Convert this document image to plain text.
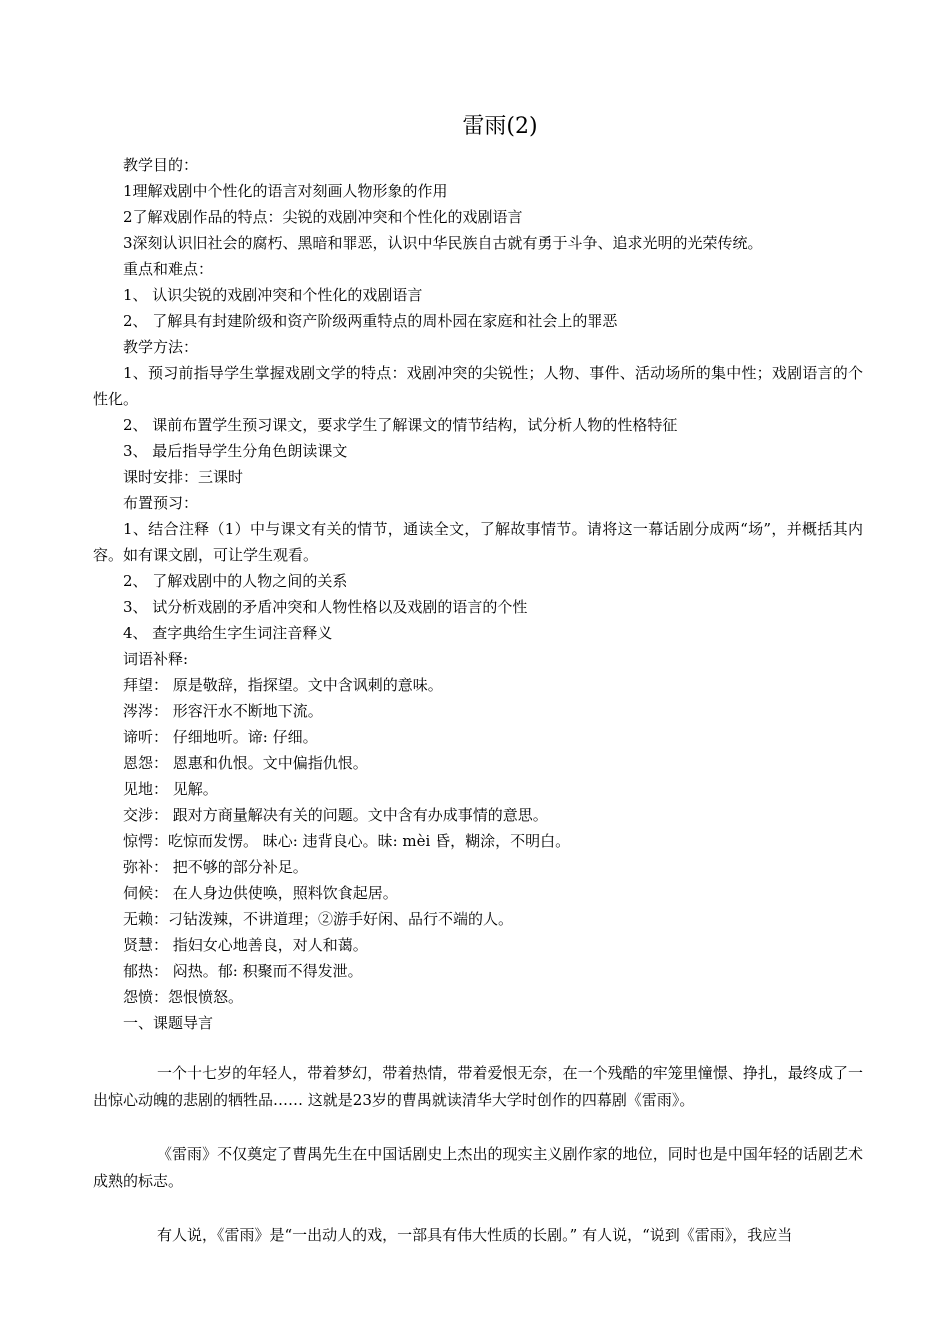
雷雨(2)

教学目的：

1理解戏剧中个性化的语言对刻画人物形象的作用

2了解戏剧作品的特点：尖锐的戏剧冲突和个性化的戏剧语言

3深刻认识旧社会的腐朽、黑暗和罪恶，认识中华民族自古就有勇于斗争、追求光明的光荣传统。

重点和难点：

1、 认识尖锐的戏剧冲突和个性化的戏剧语言

2、 了解具有封建阶级和资产阶级两重特点的周朴园在家庭和社会上的罪恶

教学方法：

1、预习前指导学生掌握戏剧文学的特点：戏剧冲突的尖锐性；人物、事件、活动场所的集中性；戏剧语言的个性化。

2、 课前布置学生预习课文，要求学生了解课文的情节结构，试分析人物的性格特征

3、 最后指导学生分角色朗读课文

课时安排：三课时

布置预习：

1、结合注释（1）中与课文有关的情节，通读全文，了解故事情节。请将这一幕话剧分成两“场”，并概括其内容。如有课文剧，可让学生观看。

2、 了解戏剧中的人物之间的关系

3、 试分析戏剧的矛盾冲突和人物性格以及戏剧的语言的个性

4、 查字典给生字生词注音释义

词语补释:

拜望： 原是敬辞，指探望。文中含讽刺的意味。

涔涔： 形容汗水不断地下流。

谛听： 仔细地听。谛: 仔细。

恩怨： 恩惠和仇恨。文中偏指仇恨。

见地： 见解。

交涉： 跟对方商量解决有关的问题。文中含有办成事情的意思。

惊愕：吃惊而发愣。 昧心: 违背良心。昧: mèi 昏，糊涂，不明白。

弥补： 把不够的部分补足。

伺候： 在人身边供使唤，照料饮食起居。

无赖：刁钻泼辣，不讲道理；②游手好闲、品行不端的人。

贤慧： 指妇女心地善良，对人和蔼。

郁热： 闷热。郁: 积聚而不得发泄。

怨愤：怨恨愤怒。

一、课题导言

一个十七岁的年轻人，带着梦幻，带着热情，带着爱恨无奈，在一个残酷的牢笼里憧憬、挣扎，最终成了一出惊心动魄的悲剧的牺牲品…… 这就是23岁的曹禺就读清华大学时创作的四幕剧《雷雨》。

《雷雨》不仅奠定了曹禺先生在中国话剧史上杰出的现实主义剧作家的地位，同时也是中国年轻的话剧艺术成熟的标志。

有人说，《雷雨》是“一出动人的戏，一部具有伟大性质的长剧。” 有人说，“说到《雷雨》，我应当
